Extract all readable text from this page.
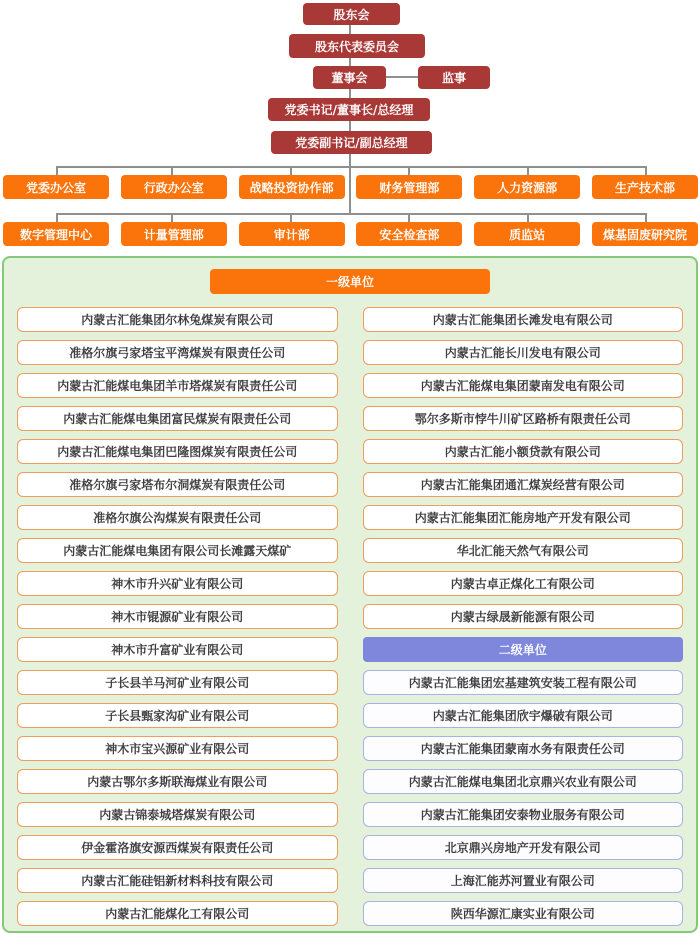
股东会
股东代表委员会
董事会	监事
党委书记/董事长/总经理
党委副书记/副总经理
党委办公室	行政办公室	战略投资协作部	财务管理部	人力资源部	生产技术部
数字管理中心	计量管理部	审计部	安全检查部	质监站	煤基固废研究院
一级单位
内蒙古汇能集团尔林兔煤炭有限公司
准格尔旗弓家塔宝平湾煤炭有限责任公司
内蒙古汇能煤电集团羊市塔煤炭有限责任公司
内蒙古汇能煤电集团富民煤炭有限责任公司
内蒙古汇能煤电集团巴隆图煤炭有限责任公司
准格尔旗弓家塔布尔洞煤炭有限责任公司
准格尔旗公沟煤炭有限责任公司
内蒙古汇能煤电集团有限公司长滩露天煤矿
神木市升兴矿业有限公司
神木市锟源矿业有限公司
神木市升富矿业有限公司
子长县羊马河矿业有限公司
子长县甄家沟矿业有限公司
神木市宝兴源矿业有限公司
内蒙古鄂尔多斯联海煤业有限公司
内蒙古锦泰城塔煤炭有限公司
伊金霍洛旗安源西煤炭有限责任公司
内蒙古汇能硅铝新材料科技有限公司
内蒙古汇能煤化工有限公司
内蒙古汇能集团长滩发电有限公司
内蒙古汇能长川发电有限公司
内蒙古汇能煤电集团蒙南发电有限公司
鄂尔多斯市悖牛川矿区路桥有限责任公司
内蒙古汇能小额贷款有限公司
内蒙古汇能集团通汇煤炭经营有限公司
内蒙古汇能集团汇能房地产开发有限公司
华北汇能天然气有限公司
内蒙古卓正煤化工有限公司
内蒙古绿晟新能源有限公司
二级单位
内蒙古汇能集团宏基建筑安装工程有限公司
内蒙古汇能集团欣宇爆破有限公司
内蒙古汇能集团蒙南水务有限责任公司
内蒙古汇能煤电集团北京鼎兴农业有限公司
内蒙古汇能集团安泰物业服务有限公司
北京鼎兴房地产开发有限公司
上海汇能苏河置业有限公司
陕西华源汇康实业有限公司
